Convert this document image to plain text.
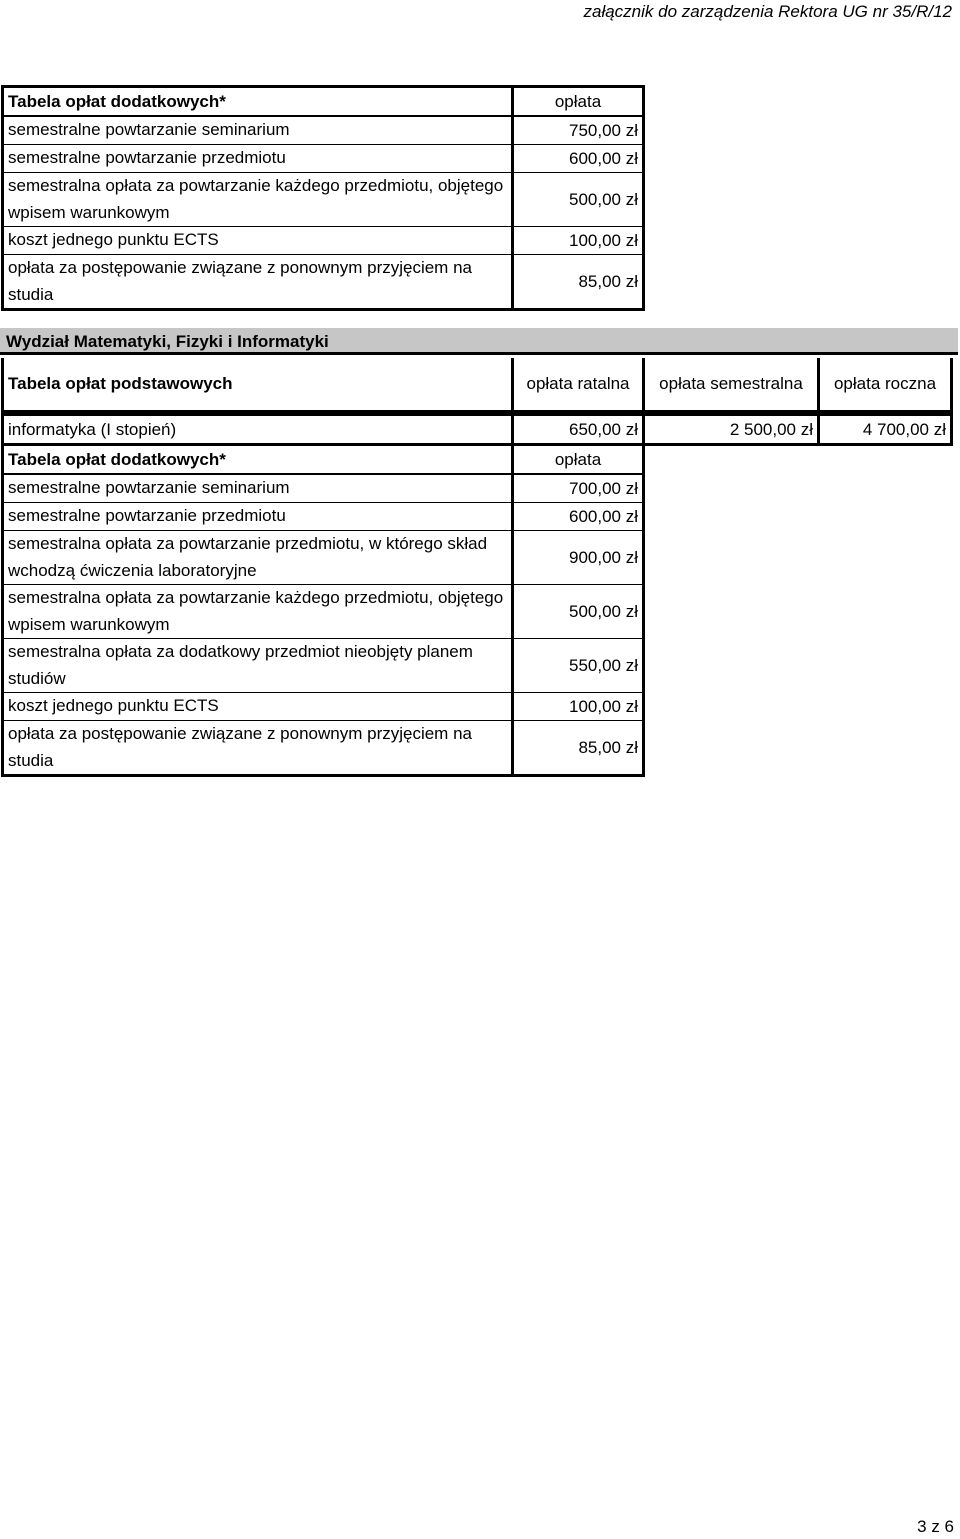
załącznik do zarządzenia Rektora UG nr 35/R/12
Tabela opłat dodatkowych*	opłata
semestralne powtarzanie seminarium	750,00 zł
semestralne powtarzanie przedmiotu	600,00 zł
semestralna opłata za powtarzanie każdego przedmiotu, objętego wpisem warunkowym	500,00 zł
koszt jednego punktu ECTS	100,00 zł
opłata za postępowanie związane z ponownym przyjęciem na studia	85,00 zł
Wydział Matematyki, Fizyki i Informatyki
Tabela opłat podstawowych	opłata ratalna	opłata semestralna	opłata roczna
informatyka (I stopień)	650,00 zł	2 500,00 zł	4 700,00 zł
Tabela opłat dodatkowych*	opłata		
semestralne powtarzanie seminarium	700,00 zł		
semestralne powtarzanie przedmiotu	600,00 zł		
semestralna opłata za powtarzanie przedmiotu, w którego skład wchodzą ćwiczenia laboratoryjne	900,00 zł		
semestralna opłata za powtarzanie każdego przedmiotu, objętego wpisem warunkowym	500,00 zł		
semestralna opłata za dodatkowy przedmiot nieobjęty planem studiów	550,00 zł		
koszt jednego punktu ECTS	100,00 zł		
opłata za postępowanie związane z ponownym przyjęciem na studia	85,00 zł		
3 z 6
